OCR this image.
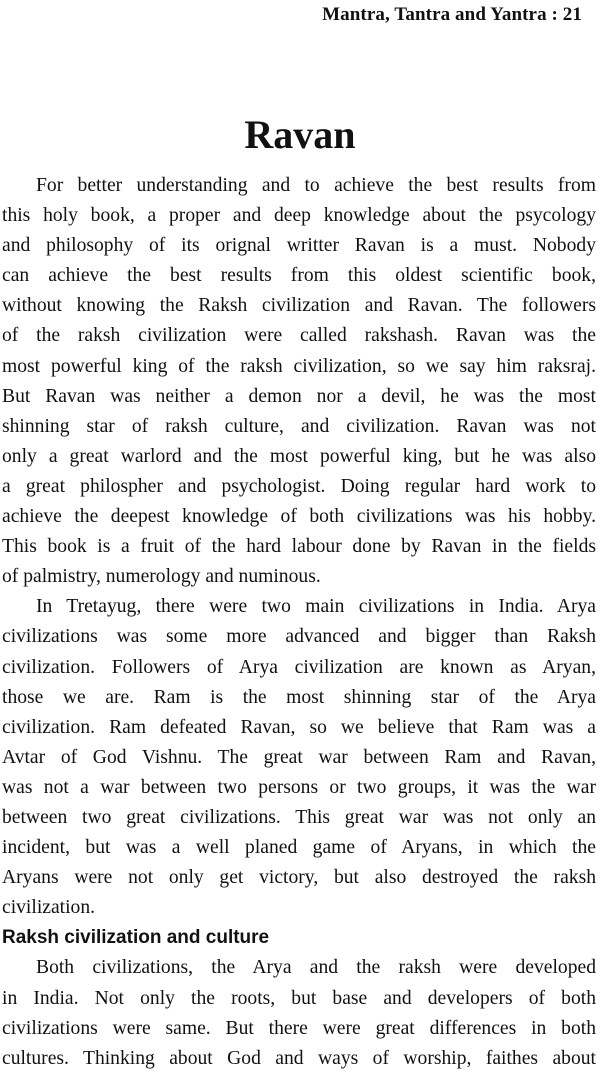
Mantra, Tantra and Yantra : 21
Ravan
For better understanding and to achieve the best results from
this holy book, a proper and deep knowledge about the psycology
and philosophy of its orignal writter Ravan is a must. Nobody
can achieve the best results from this oldest scientific book,
without knowing the Raksh civilization and Ravan. The followers
of the raksh civilization were called rakshash. Ravan was the
most powerful king of the raksh civilization, so we say him raksraj.
But Ravan was neither a demon nor a devil, he was the most
shinning star of raksh culture, and civilization. Ravan was not
only a great warlord and the most powerful king, but he was also
a great philospher and psychologist. Doing regular hard work to
achieve the deepest knowledge of both civilizations was his hobby.
This book is a fruit of the hard labour done by Ravan in the fields
of palmistry, numerology and numinous.
In Tretayug, there were two main civilizations in India. Arya
civilizations was some more advanced and bigger than Raksh
civilization. Followers of Arya civilization are known as Aryan,
those we are. Ram is the most shinning star of the Arya
civilization. Ram defeated Ravan, so we believe that Ram was a
Avtar of God Vishnu. The great war between Ram and Ravan,
was not a war between two persons or two groups, it was the war
between two great civilizations. This great war was not only an
incident, but was a well planed game of Aryans, in which the
Aryans were not only get victory, but also destroyed the raksh
civilization.
Raksh civilization and culture
Both civilizations, the Arya and the raksh were developed
in India. Not only the roots, but base and developers of both
civilizations were same. But there were great differences in both
cultures. Thinking about God and ways of worship, faithes about
